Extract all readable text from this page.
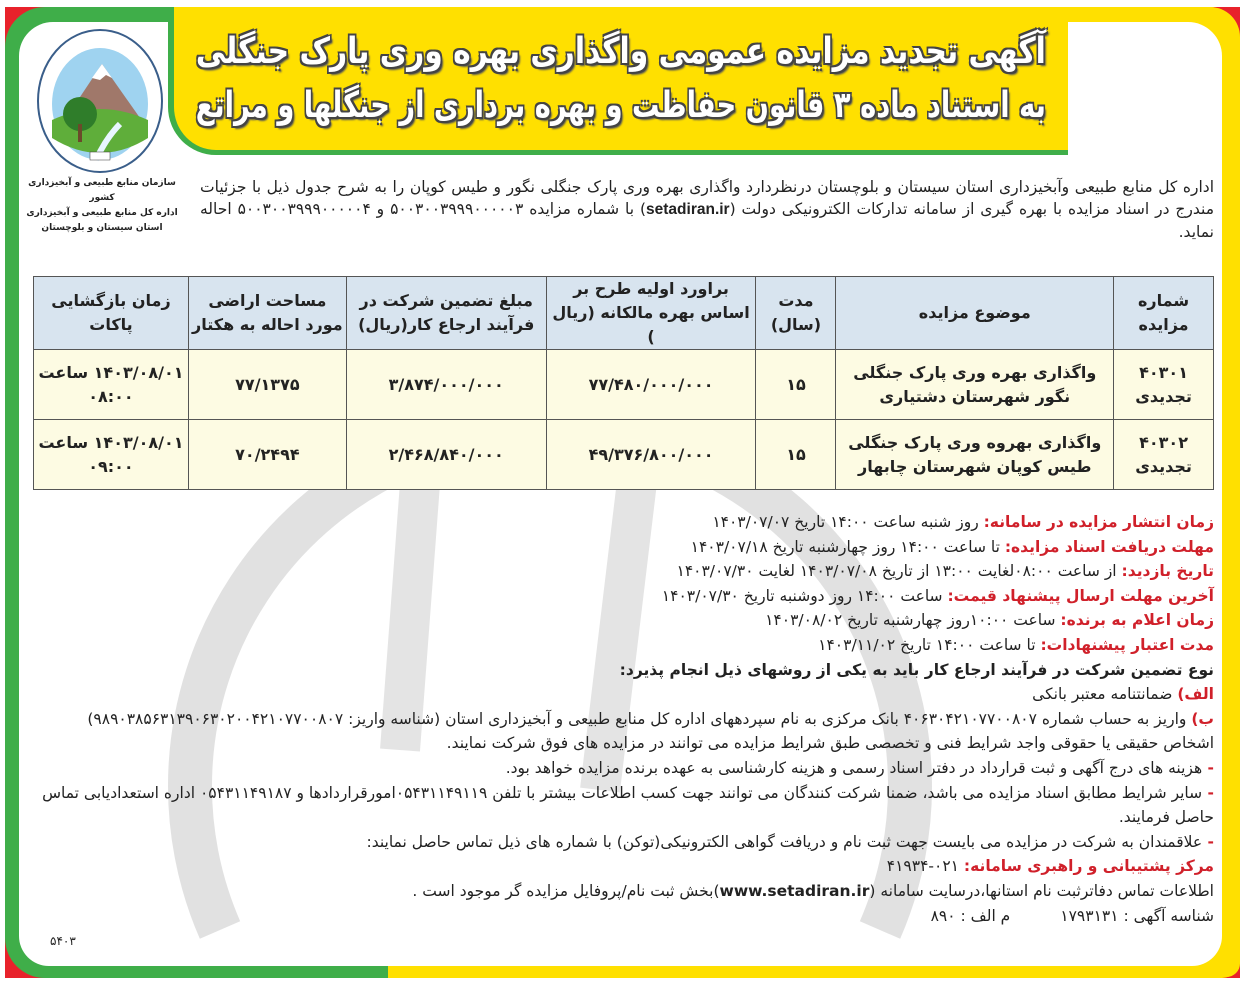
آگهی تجدید مزایده عمومی واگذاری بهره وری پارک جنگلی
به استناد ماده ۳ قانون حفاظت و بهره برداری از جنگلها و مراتع
سازمان منابع طبیعی و آبخیزداری کشور
اداره کل منابع طبیعی و آبخیزداری
استان سیستان و بلوچستان
اداره کل منابع طبیعی وآبخیزداری استان سیستان و بلوچستان درنظردارد واگذاری بهره وری پارک جنگلی نگور و طیس کوپان را به شرح جدول ذیل با جزئیات مندرج در اسناد مزایده با بهره گیری از سامانه تدارکات الکترونیکی دولت (setadiran.ir) با شماره مزایده ۵۰۰۳۰۰۳۹۹۹۰۰۰۰۰۳ و ۵۰۰۳۰۰۳۹۹۹۰۰۰۰۰۴ احاله نماید.
شماره مزایده	موضوع مزایده	مدت (سال)	براورد اولیه طرح بر اساس بهره مالکانه (ریال )	مبلغ تضمین شرکت در فرآیند ارجاع کار(ریال)	مساحت اراضی مورد احاله به هکتار	زمان بازگشایی پاکات
۴۰۳۰۱ تجدیدی	واگذاری بهره وری پارک جنگلی نگور شهرستان دشتیاری	۱۵	۷۷/۴۸۰/۰۰۰/۰۰۰	۳/۸۷۴/۰۰۰/۰۰۰	۷۷/۱۳۷۵	۱۴۰۳/۰۸/۰۱ ساعت ۰۸:۰۰
۴۰۳۰۲ تجدیدی	واگذاری بهروه وری پارک جنگلی طیس کوپان شهرستان چابهار	۱۵	۴۹/۳۷۶/۸۰۰/۰۰۰	۲/۴۶۸/۸۴۰/۰۰۰	۷۰/۲۴۹۴	۱۴۰۳/۰۸/۰۱ ساعت ۰۹:۰۰
زمان انتشار مزایده در سامانه: روز شنبه ساعت ۱۴:۰۰ تاریخ ۱۴۰۳/۰۷/۰۷
مهلت دریافت اسناد مزایده: تا ساعت ۱۴:۰۰ روز چهارشنبه تاریخ ۱۴۰۳/۰۷/۱۸
تاریخ بازدید: از ساعت ۰۸:۰۰لغایت ۱۳:۰۰ از تاریخ ۱۴۰۳/۰۷/۰۸ لغایت ۱۴۰۳/۰۷/۳۰
آخرین مهلت ارسال پیشنهاد قیمت: ساعت ۱۴:۰۰ روز دوشنبه تاریخ ۱۴۰۳/۰۷/۳۰
زمان اعلام به برنده: ساعت ۱۰:۰۰روز چهارشنبه تاریخ ۱۴۰۳/۰۸/۰۲
مدت اعتبار پیشنهادات: تا ساعت ۱۴:۰۰ تاریخ ۱۴۰۳/۱۱/۰۲
نوع تضمین شرکت در فرآیند ارجاع کار باید به یکی از روشهای ذیل انجام پذیرد:
الف) ضمانتنامه معتبر بانکی
ب) واریز به حساب شماره ۴۰۶۳۰۴۲۱۰۷۷۰۰۸۰۷ بانک مرکزی به نام سپردههای اداره کل منابع طبیعی و آبخیزداری استان (شناسه واریز: ۹۸۹۰۳۸۵۶۳۱۳۹۰۶۳۰۲۰۰۴۲۱۰۷۷۰۰۸۰۷)
اشخاص حقیقی یا حقوقی واجد شرایط فنی و تخصصی طبق شرایط مزایده می توانند در مزایده های فوق شرکت نمایند.
- هزینه های درج آگهی و ثبت قرارداد در دفتر اسناد رسمی و هزینه کارشناسی به عهده برنده مزایده خواهد بود.
- سایر شرایط مطابق اسناد مزایده می باشد، ضمنا شرکت کنندگان می توانند جهت کسب اطلاعات بیشتر با تلفن ۰۵۴۳۱۱۴۹۱۱۹امورقراردادها و ۰۵۴۳۱۱۴۹۱۸۷ اداره استعدادیابی تماس حاصل فرمایند.
- علاقمندان به شرکت در مزایده می بایست جهت ثبت نام و دریافت گواهی الکترونیکی(توکن) با شماره های ذیل تماس حاصل نمایند:
مرکز پشتیبانی و راهبری سامانه: ۰۲۱-۴۱۹۳۴
اطلاعات تماس دفاترثبت نام استانها،درسایت سامانه (www.setadiran.ir)بخش ثبت نام/پروفایل مزایده گر موجود است .
شناسه آگهی : ۱۷۹۳۱۳۱م الف : ۸۹۰
۵۴۰۳
